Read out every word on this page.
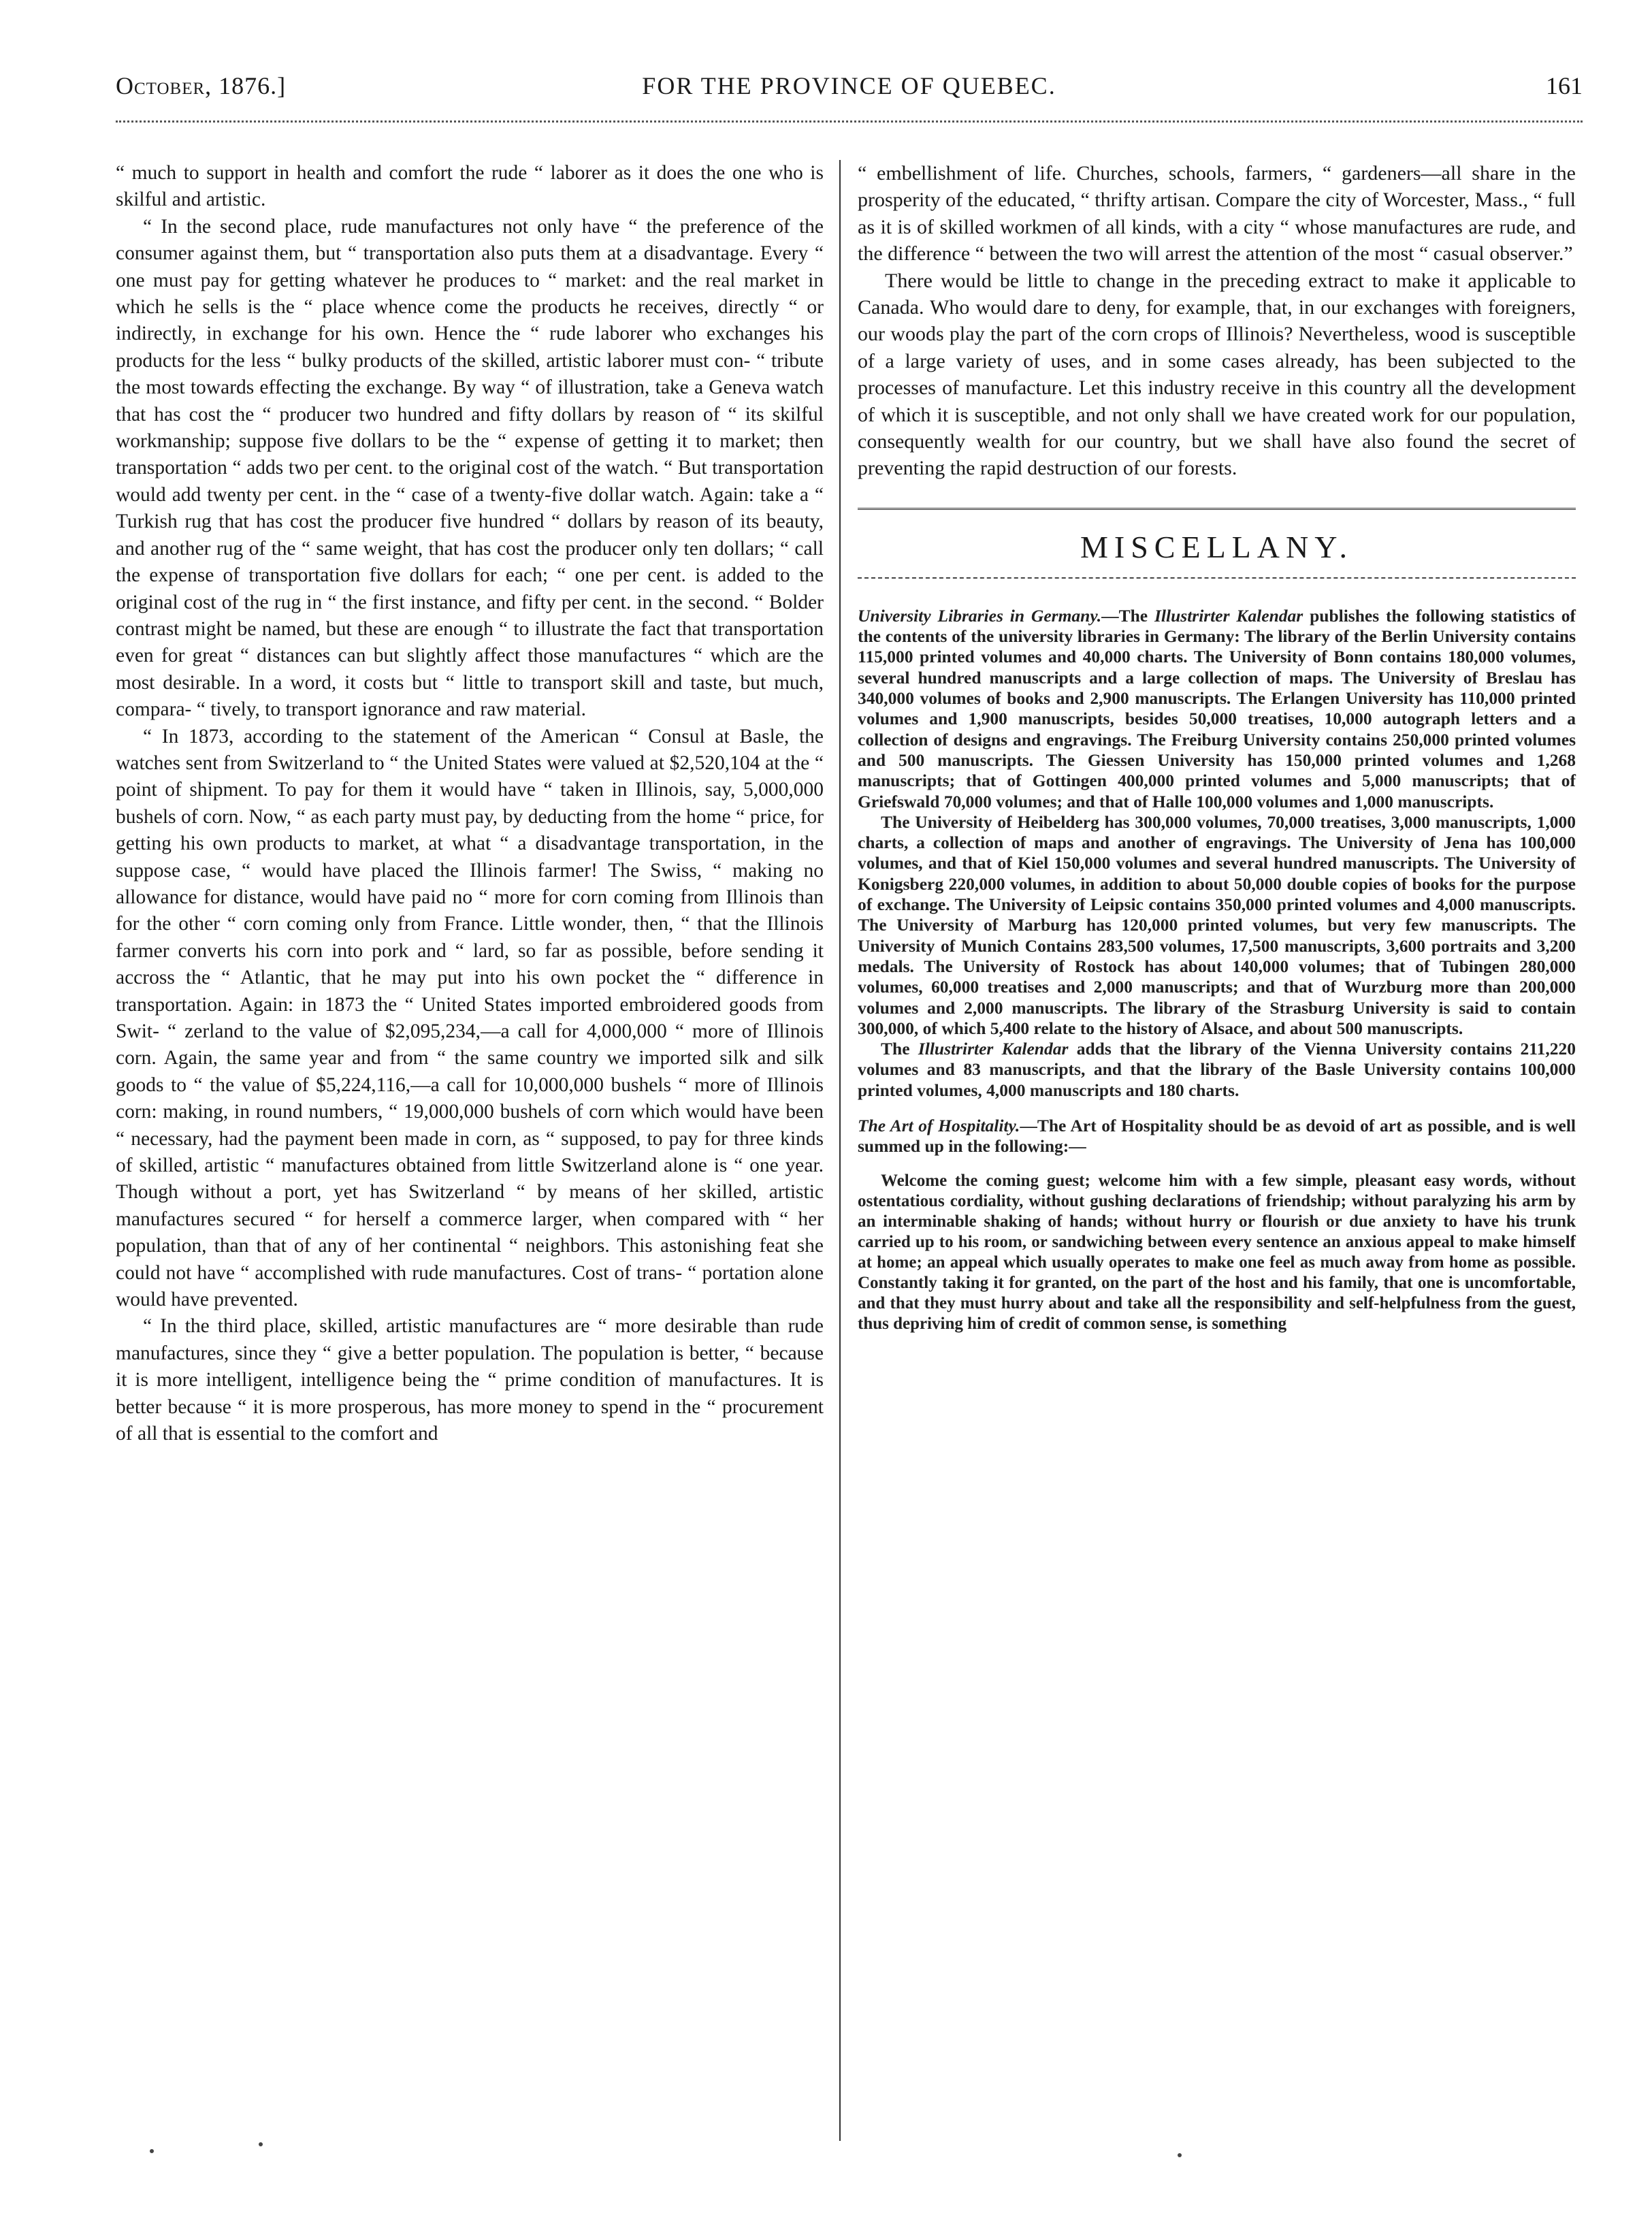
October, 1876.]	FOR THE PROVINCE OF QUEBEC.	161

“ much to support in health and comfort the rude “ laborer as it does the one who is skilful and artistic.

“ In the second place, rude manufactures not only have “ the preference of the consumer against them, but “ transportation also puts them at a disadvantage. Every “ one must pay for getting whatever he produces to “ market: and the real market in which he sells is the “ place whence come the products he receives, directly “ or indirectly, in exchange for his own. Hence the “ rude laborer who exchanges his products for the less “ bulky products of the skilled, artistic laborer must con- “ tribute the most towards effecting the exchange. By way “ of illustration, take a Geneva watch that has cost the “ producer two hundred and fifty dollars by reason of “ its skilful workmanship; suppose five dollars to be the “ expense of getting it to market; then transportation “ adds two per cent. to the original cost of the watch. “ But transportation would add twenty per cent. in the “ case of a twenty-five dollar watch. Again: take a “ Turkish rug that has cost the producer five hundred “ dollars by reason of its beauty, and another rug of the “ same weight, that has cost the producer only ten dollars; “ call the expense of transportation five dollars for each; “ one per cent. is added to the original cost of the rug in “ the first instance, and fifty per cent. in the second. “ Bolder contrast might be named, but these are enough “ to illustrate the fact that transportation even for great “ distances can but slightly affect those manufactures “ which are the most desirable. In a word, it costs but “ little to transport skill and taste, but much, compara- “ tively, to transport ignorance and raw material.

“ In 1873, according to the statement of the American “ Consul at Basle, the watches sent from Switzerland to “ the United States were valued at $2,520,104 at the “ point of shipment. To pay for them it would have “ taken in Illinois, say, 5,000,000 bushels of corn. Now, “ as each party must pay, by deducting from the home “ price, for getting his own products to market, at what “ a disadvantage transportation, in the suppose case, “ would have placed the Illinois farmer! The Swiss, “ making no allowance for distance, would have paid no “ more for corn coming from Illinois than for the other “ corn coming only from France. Little wonder, then, “ that the Illinois farmer converts his corn into pork and “ lard, so far as possible, before sending it accross the “ Atlantic, that he may put into his own pocket the “ difference in transportation. Again: in 1873 the “ United States imported embroidered goods from Swit- “ zerland to the value of $2,095,234,—a call for 4,000,000 “ more of Illinois corn. Again, the same year and from “ the same country we imported silk and silk goods to “ the value of $5,224,116,—a call for 10,000,000 bushels “ more of Illinois corn: making, in round numbers, “ 19,000,000 bushels of corn which would have been “ necessary, had the payment been made in corn, as “ supposed, to pay for three kinds of skilled, artistic “ manufactures obtained from little Switzerland alone is “ one year. Though without a port, yet has Switzerland “ by means of her skilled, artistic manufactures secured “ for herself a commerce larger, when compared with “ her population, than that of any of her continental “ neighbors. This astonishing feat she could not have “ accomplished with rude manufactures. Cost of trans- “ portation alone would have prevented.

“ In the third place, skilled, artistic manufactures are “ more desirable than rude manufactures, since they “ give a better population. The population is better, “ because it is more intelligent, intelligence being the “ prime condition of manufactures. It is better because “ it is more prosperous, has more money to spend in the “ procurement of all that is essential to the comfort and

“ embellishment of life. Churches, schools, farmers, “ gardeners—all share in the prosperity of the educated, “ thrifty artisan. Compare the city of Worcester, Mass., “ full as it is of skilled workmen of all kinds, with a city “ whose manufactures are rude, and the difference “ between the two will arrest the attention of the most “ casual observer.”

There would be little to change in the preceding extract to make it applicable to Canada. Who would dare to deny, for example, that, in our exchanges with foreigners, our woods play the part of the corn crops of Illinois? Nevertheless, wood is susceptible of a large variety of uses, and in some cases already, has been subjected to the processes of manufacture. Let this industry receive in this country all the development of which it is susceptible, and not only shall we have created work for our population, consequently wealth for our country, but we shall have also found the secret of preventing the rapid destruction of our forests.

MISCELLANY.

University Libraries in Germany.—The Illustrirter Kalendar publishes the following statistics of the contents of the university libraries in Germany: The library of the Berlin University contains 115,000 printed volumes and 40,000 charts. The University of Bonn contains 180,000 volumes, several hundred manuscripts and a large collection of maps. The University of Breslau has 340,000 volumes of books and 2,900 manuscripts. The Erlangen University has 110,000 printed volumes and 1,900 manuscripts, besides 50,000 treatises, 10,000 autograph letters and a collection of designs and engravings. The Freiburg University contains 250,000 printed volumes and 500 manuscripts. The Giessen University has 150,000 printed volumes and 1,268 manuscripts; that of Gottingen 400,000 printed volumes and 5,000 manuscripts; that of Griefswald 70,000 volumes; and that of Halle 100,000 volumes and 1,000 manuscripts.

The University of Heibelderg has 300,000 volumes, 70,000 treatises, 3,000 manuscripts, 1,000 charts, a collection of maps and another of engravings. The University of Jena has 100,000 volumes, and that of Kiel 150,000 volumes and several hundred manuscripts. The University of Konigsberg 220,000 volumes, in addition to about 50,000 double copies of books for the purpose of exchange. The University of Leipsic contains 350,000 printed volumes and 4,000 manuscripts. The University of Marburg has 120,000 printed volumes, but very few manuscripts. The University of Munich Contains 283,500 volumes, 17,500 manuscripts, 3,600 portraits and 3,200 medals. The University of Rostock has about 140,000 volumes; that of Tubingen 280,000 volumes, 60,000 treatises and 2,000 manuscripts; and that of Wurzburg more than 200,000 volumes and 2,000 manuscripts. The library of the Strasburg University is said to contain 300,000, of which 5,400 relate to the history of Alsace, and about 500 manuscripts.

The Illustrirter Kalendar adds that the library of the Vienna University contains 211,220 volumes and 83 manuscripts, and that the library of the Basle University contains 100,000 printed volumes, 4,000 manuscripts and 180 charts.

The Art of Hospitality.—The Art of Hospitality should be as devoid of art as possible, and is well summed up in the following:—

Welcome the coming guest; welcome him with a few simple, pleasant easy words, without ostentatious cordiality, without gushing declarations of friendship; without paralyzing his arm by an interminable shaking of hands; without hurry or flourish or due anxiety to have his trunk carried up to his room, or sandwiching between every sentence an anxious appeal to make himself at home; an appeal which usually operates to make one feel as much away from home as possible. Constantly taking it for granted, on the part of the host and his family, that one is uncomfortable, and that they must hurry about and take all the responsibility and self-helpfulness from the guest, thus depriving him of credit of common sense, is something
